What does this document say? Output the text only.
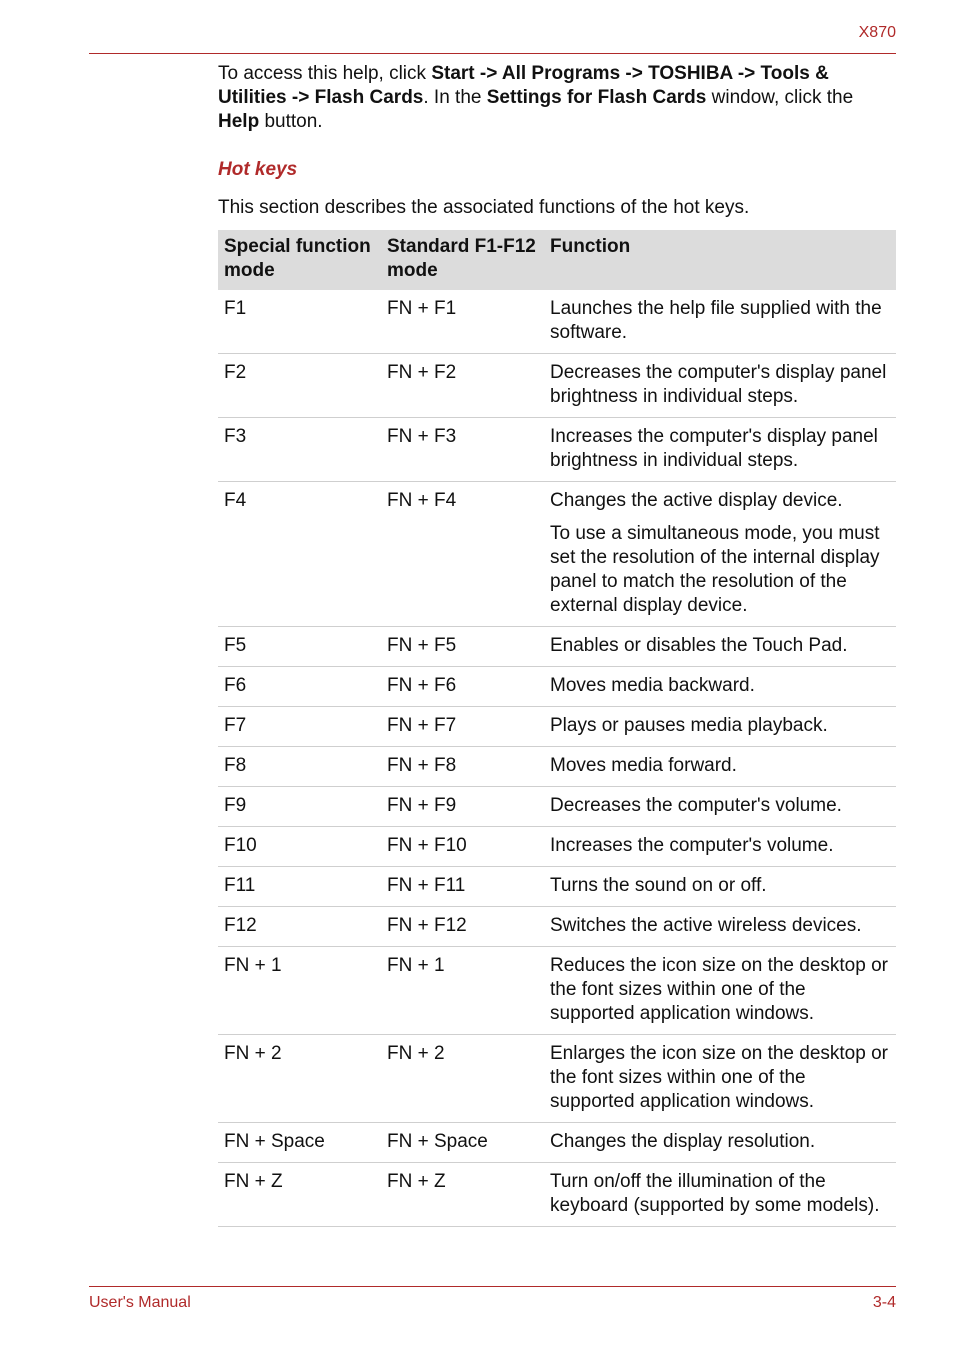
X870

To access this help, click Start -> All Programs -> TOSHIBA -> Tools & Utilities -> Flash Cards. In the Settings for Flash Cards window, click the Help button.

Hot keys

This section describes the associated functions of the hot keys.

Special function mode	Standard F1-F12 mode	Function
F1	FN + F1	Launches the help file supplied with the software.

F2	FN + F2	Decreases the computer's display panel brightness in individual steps.

F3	FN + F3	Increases the computer's display panel brightness in individual steps.

F4	FN + F4	Changes the active display device.
To use a simultaneous mode, you must set the resolution of the internal display panel to match the resolution of the external display device.

F5	FN + F5	Enables or disables the Touch Pad.

F6	FN + F6	Moves media backward.

F7	FN + F7	Plays or pauses media playback.

F8	FN + F8	Moves media forward.

F9	FN + F9	Decreases the computer's volume.

F10	FN + F10	Increases the computer's volume.

F11	FN + F11	Turns the sound on or off.

F12	FN + F12	Switches the active wireless devices.

FN + 1	FN + 1	Reduces the icon size on the desktop or the font sizes within one of the supported application windows.

FN + 2	FN + 2	Enlarges the icon size on the desktop or the font sizes within one of the supported application windows.

FN + Space	FN + Space	Changes the display resolution.

FN + Z	FN + Z	Turn on/off the illumination of the keyboard (supported by some models).
User's Manual	3-4
